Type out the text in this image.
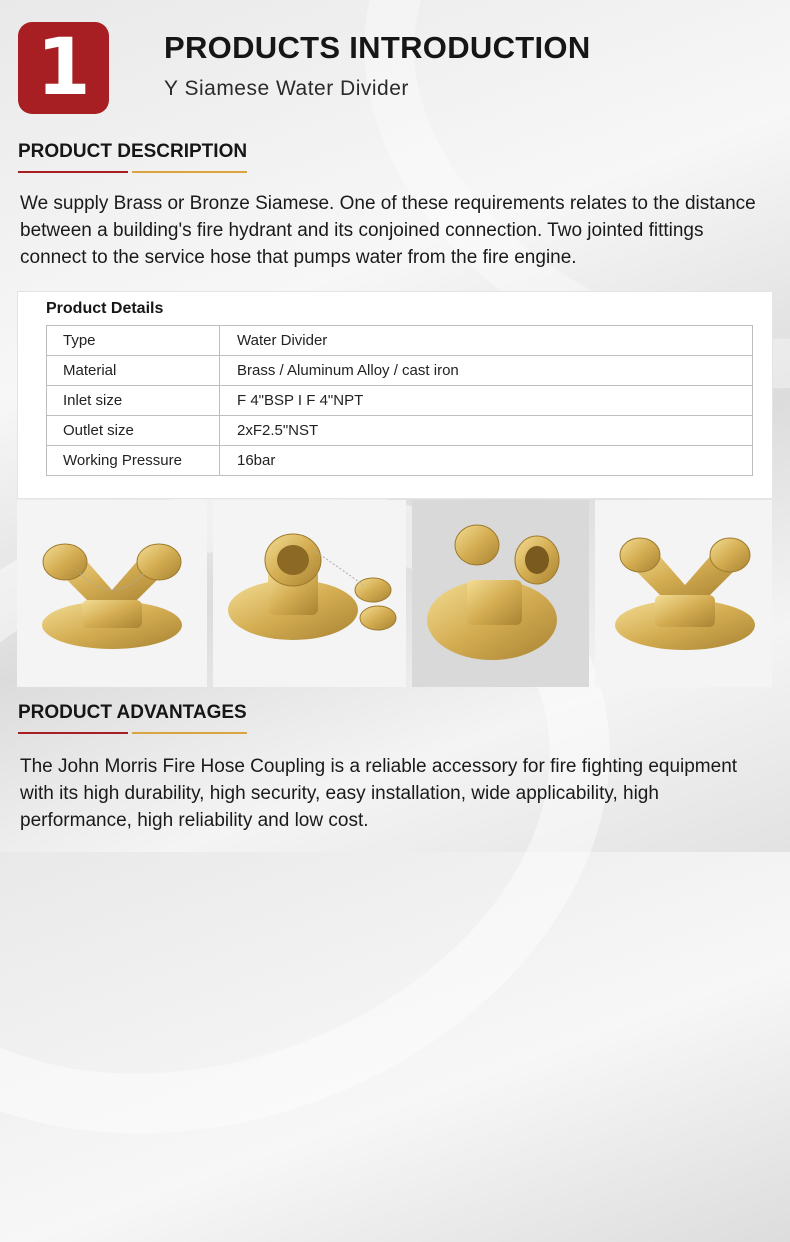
1	PRODUCTS INTRODUCTION
Y Siamese Water Divider
PRODUCT DESCRIPTION
We supply Brass or Bronze Siamese. One of these requirements relates to the distance between a building's fire hydrant and its conjoined connection. Two jointed fittings connect to the service hose that pumps water from the fire engine.
Product Details
Type	Water Divider
Material	Brass / Aluminum Alloy / cast iron
Inlet size	F 4"BSP I F 4"NPT
Outlet size	2xF2.5"NST
Working Pressure	16bar
PRODUCT ADVANTAGES
The John Morris Fire Hose Coupling is a reliable accessory for fire fighting equipment with its high durability, high security, easy installation, wide applicability, high performance, high reliability and low cost.
